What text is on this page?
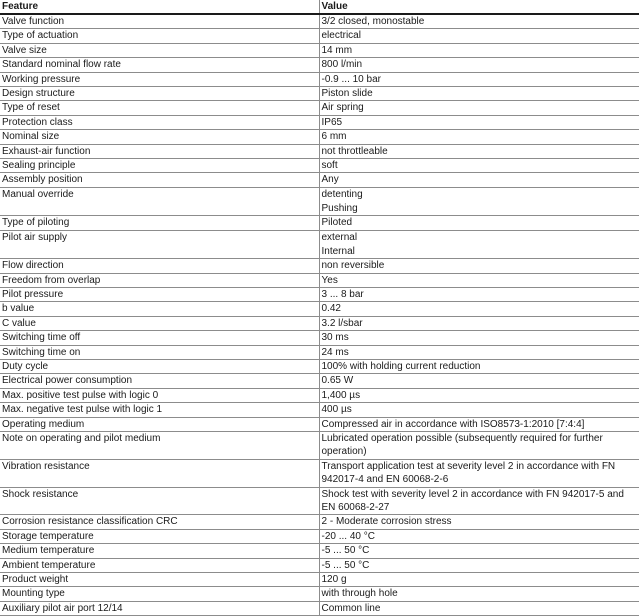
Feature	Value
Valve function	3/2 closed, monostable

Type of actuation	electrical

Valve size	14 mm

Standard nominal flow rate	800 l/min

Working pressure	-0.9 ... 10 bar

Design structure	Piston slide

Type of reset	Air spring

Protection class	IP65

Nominal size	6 mm

Exhaust-air function	not throttleable

Sealing principle	soft

Assembly position	Any

Manual override	detenting
Pushing

Type of piloting	Piloted

Pilot air supply	external
Internal

Flow direction	non reversible

Freedom from overlap	Yes

Pilot pressure	3 ... 8 bar

b value	0.42

C value	3.2 l/sbar

Switching time off	30 ms

Switching time on	24 ms

Duty cycle	100% with holding current reduction

Electrical power consumption	0.65 W

Max. positive test pulse with logic 0	1,400 µs

Max. negative test pulse with logic 1	400 µs

Operating medium	Compressed air in accordance with ISO8573-1:2010 [7:4:4]

Note on operating and pilot medium	Lubricated operation possible (subsequently required for further operation)

Vibration resistance	Transport application test at severity level 2 in accordance with FN 942017-4 and EN 60068-2-6

Shock resistance	Shock test with severity level 2 in accordance with FN 942017-5 and EN 60068-2-27

Corrosion resistance classification CRC	2 - Moderate corrosion stress

Storage temperature	-20 ... 40 °C

Medium temperature	-5 ... 50 °C

Ambient temperature	-5 ... 50 °C

Product weight	120 g

Mounting type	with through hole

Auxiliary pilot air port 12/14	Common line
